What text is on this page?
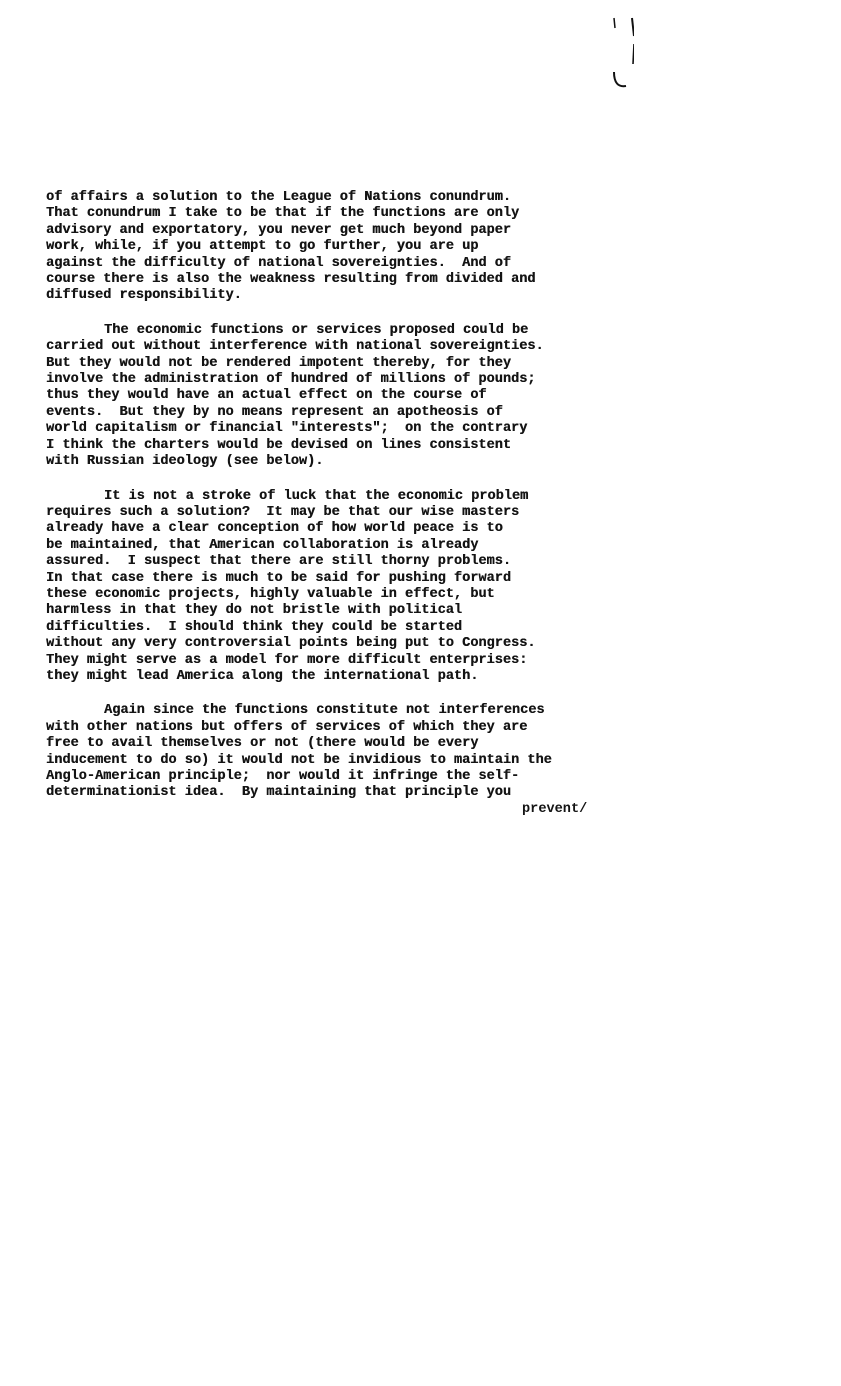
of affairs a solution to the League of Nations conundrum.
That conundrum I take to be that if the functions are only
advisory and exportatory, you never get much beyond paper
work, while, if you attempt to go further, you are up
against the difficulty of national sovereignties.  And of
course there is also the weakness resulting from divided and
diffused responsibility.
The economic functions or services proposed could be
carried out without interference with national sovereignties.
But they would not be rendered impotent thereby, for they
involve the administration of hundred of millions of pounds;
thus they would have an actual effect on the course of
events.  But they by no means represent an apotheosis of
world capitalism or financial "interests";  on the contrary
I think the charters would be devised on lines consistent
with Russian ideology (see below).
It is not a stroke of luck that the economic problem
requires such a solution?  It may be that our wise masters
already have a clear conception of how world peace is to
be maintained, that American collaboration is already
assured.  I suspect that there are still thorny problems.
In that case there is much to be said for pushing forward
these economic projects, highly valuable in effect, but
harmless in that they do not bristle with political
difficulties.  I should think they could be started
without any very controversial points being put to Congress.
They might serve as a model for more difficult enterprises:
they might lead America along the international path.
Again since the functions constitute not interferences
with other nations but offers of services of which they are
free to avail themselves or not (there would be every
inducement to do so) it would not be invidious to maintain the
Anglo-American principle;  nor would it infringe the self-
determinationist idea.  By maintaining that principle you
prevent/
